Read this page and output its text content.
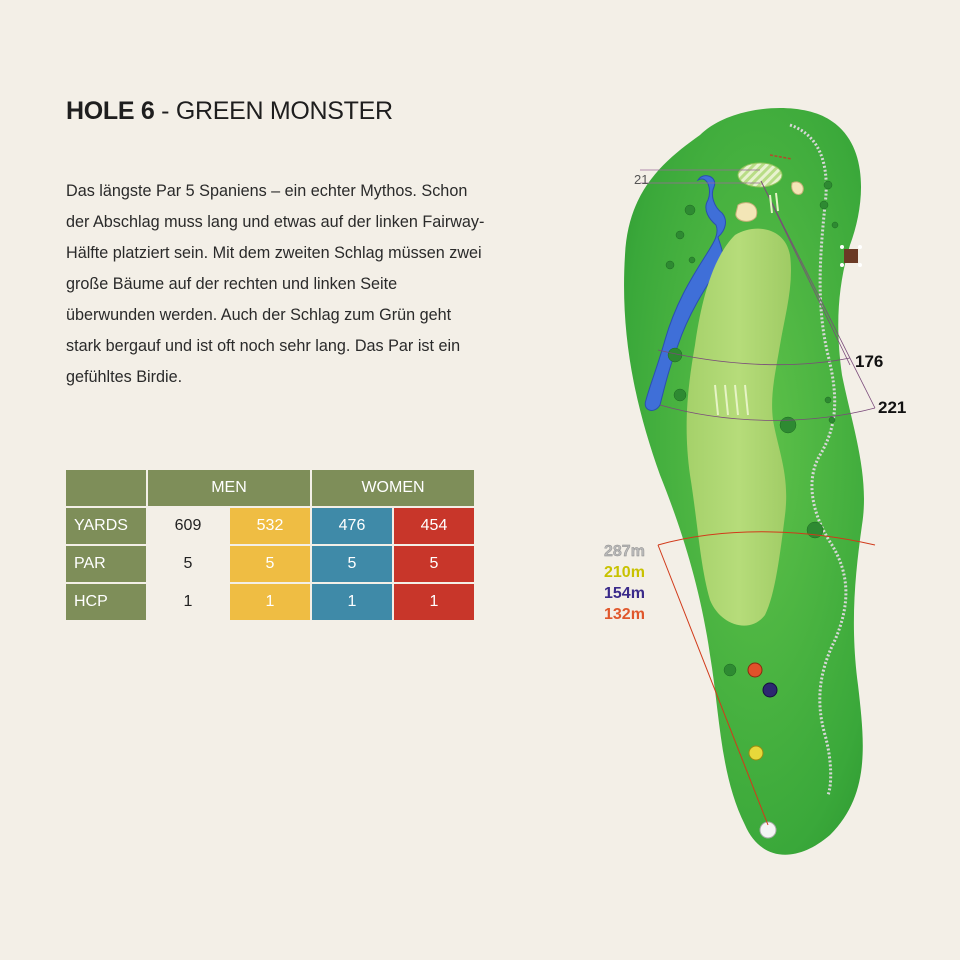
HOLE 6 - GREEN MONSTER

Das längste Par 5 Spaniens – ein echter Mythos. Schon der Abschlag muss lang und etwas auf der linken Fairway-Hälfte platziert sein. Mit dem zweiten Schlag müssen zwei große Bäume auf der rechten und linken Seite überwunden werden. Auch der Schlag zum Grün geht stark bergauf und ist oft noch sehr lang. Das Par ist ein gefühltes Birdie.

	MEN		WOMEN	
YARDS	609	532	476	454
PAR	5	5	5	5
HCP	1	1	1	1
21
176
221
287m
210m
154m
132m
